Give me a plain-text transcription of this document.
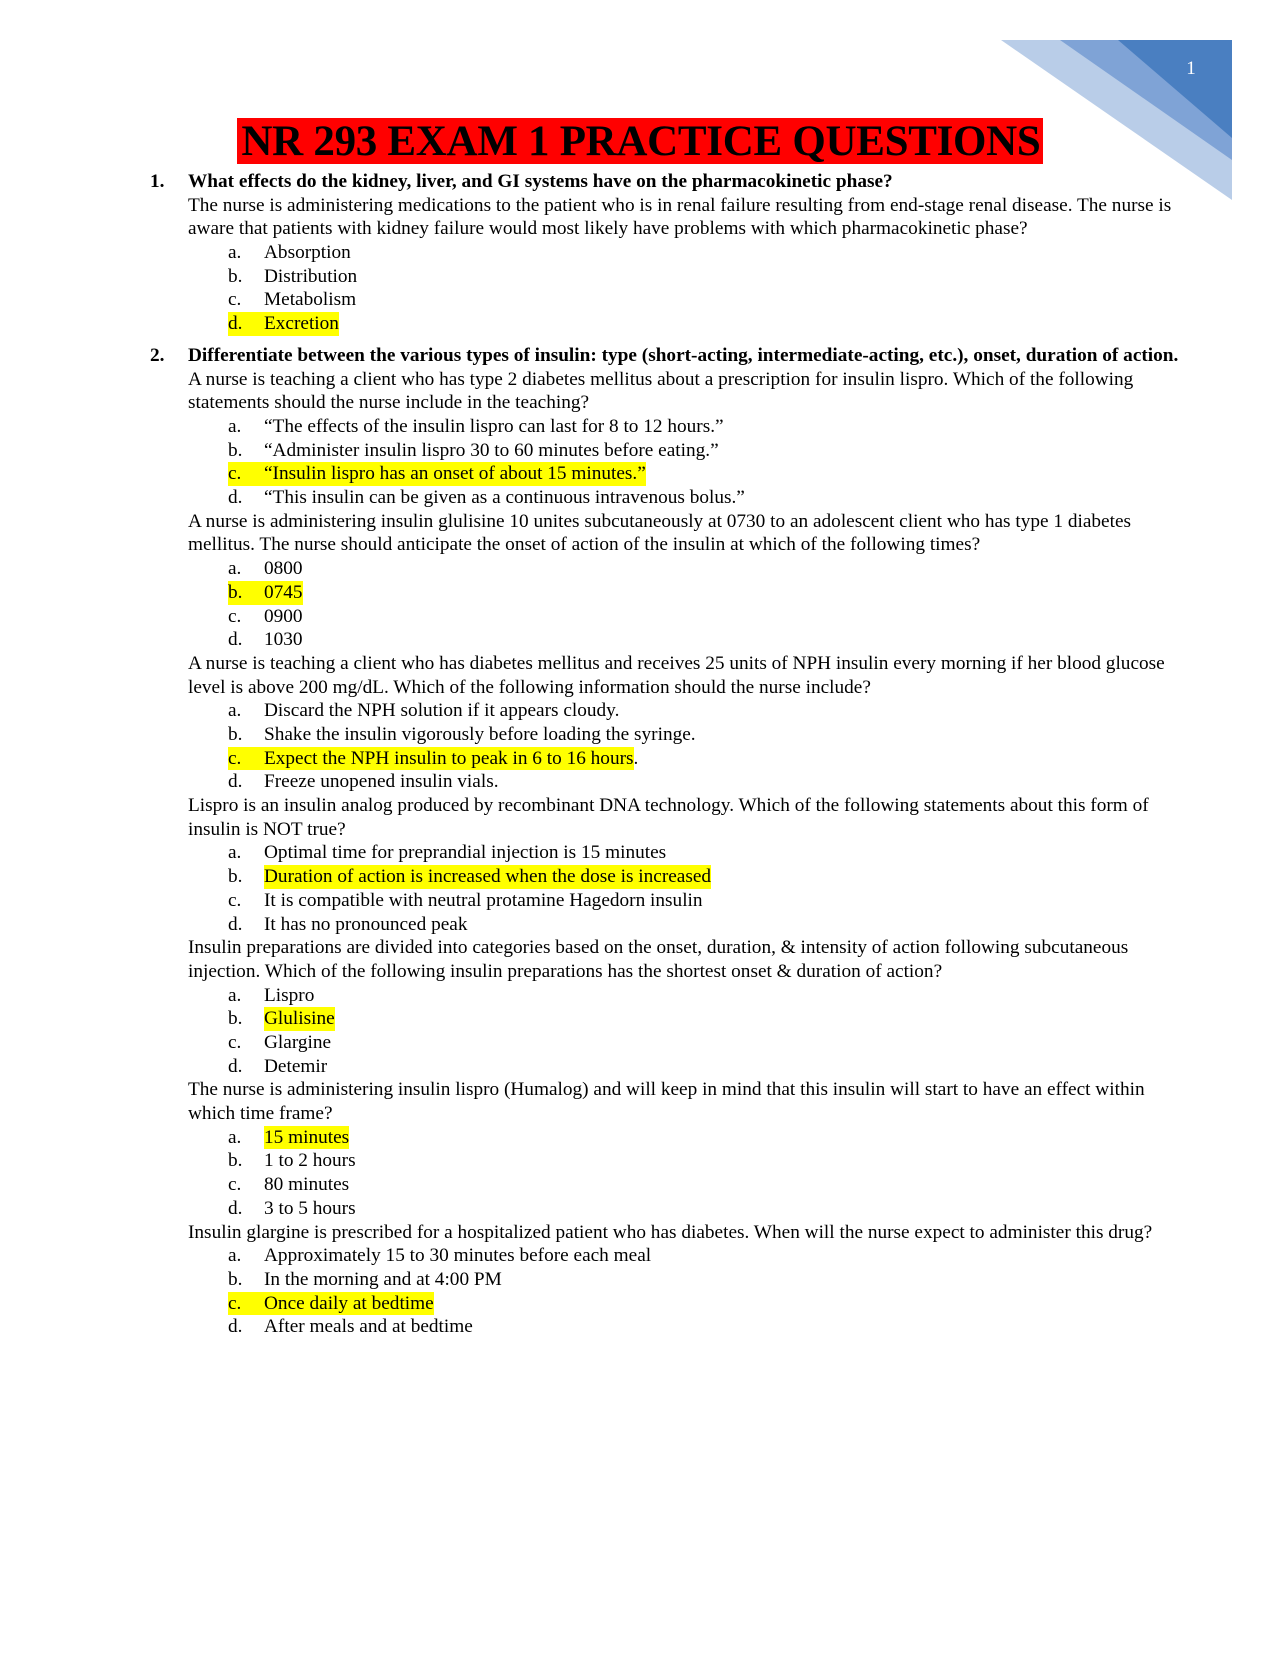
1
NR 293 EXAM 1 PRACTICE QUESTIONS
1.	What effects do the kidney, liver, and GI systems have on the pharmacokinetic phase?
The nurse is administering medications to the patient who is in renal failure resulting from end-stage renal disease. The nurse is aware that patients with kidney failure would most likely have problems with which pharmacokinetic phase?
a.	Absorption
b.	Distribution
c.	Metabolism
d.	Excretion
2.	Differentiate between the various types of insulin: type (short-acting, intermediate-acting, etc.), onset, duration of action.
A nurse is teaching a client who has type 2 diabetes mellitus about a prescription for insulin lispro. Which of the following statements should the nurse include in the teaching?
a.	“The effects of the insulin lispro can last for 8 to 12 hours.”
b.	“Administer insulin lispro 30 to 60 minutes before eating.”
c.	“Insulin lispro has an onset of about 15 minutes.”
d.	“This insulin can be given as a continuous intravenous bolus.”
A nurse is administering insulin glulisine 10 unites subcutaneously at 0730 to an adolescent client who has type 1 diabetes mellitus. The nurse should anticipate the onset of action of the insulin at which of the following times?
a.	0800
b.	0745
c.	0900
d.	1030
A nurse is teaching a client who has diabetes mellitus and receives 25 units of NPH insulin every morning if her blood glucose level is above 200 mg/dL. Which of the following information should the nurse include?
a.	Discard the NPH solution if it appears cloudy.
b.	Shake the insulin vigorously before loading the syringe.
c.	Expect the NPH insulin to peak in 6 to 16 hours .
d.	Freeze unopened insulin vials.
Lispro is an insulin analog produced by recombinant DNA technology. Which of the following statements about this form of insulin is NOT true?
a.	Optimal time for preprandial injection is 15 minutes
b.	Duration of action is increased when the dose is increased
c.	It is compatible with neutral protamine Hagedorn insulin
d.	It has no pronounced peak
Insulin preparations are divided into categories based on the onset, duration, & intensity of action following subcutaneous injection. Which of the following insulin preparations has the shortest onset & duration of action?
a.	Lispro
b.	Glulisine
c.	Glargine
d.	Detemir
The nurse is administering insulin lispro (Humalog) and will keep in mind that this insulin will start to have an effect within which time frame?
a.	15 minutes
b.	1 to 2 hours
c.	80 minutes
d.	3 to 5 hours
Insulin glargine is prescribed for a hospitalized patient who has diabetes. When will the nurse expect to administer this drug?
a.	Approximately 15 to 30 minutes before each meal
b.	In the morning and at 4:00 PM
c.	Once daily at bedtime
d.	After meals and at bedtime
